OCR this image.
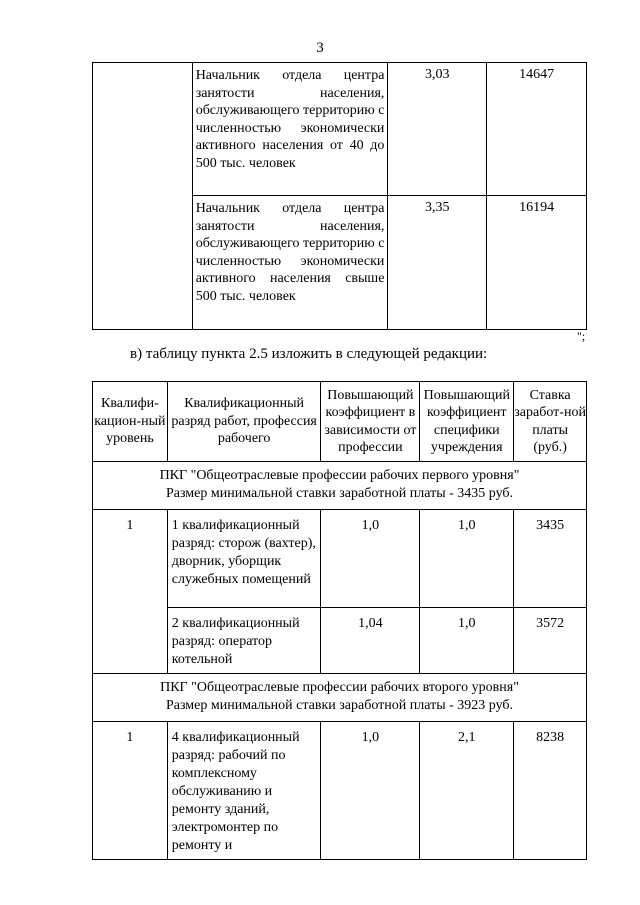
3
	Начальник отдела центра занятости населения, обслуживающего территорию с численностью экономически активного населения от 40 до 500 тыс. человек	3,03	14647
	Начальник отдела центра занятости населения, обслуживающего территорию с численностью экономически активного населения свыше 500 тыс. человек	3,35	16194
";
в) таблицу пункта 2.5 изложить в следующей редакции:
Квалифи-кацион-ный уровень	Квалификационный разряд работ, профессия рабочего	Повышающий коэффициент в зависимости от профессии	Повышающий коэффициент специфики учреждения	Ставка заработ-ной платы (руб.)

ПКГ "Общеотраслевые профессии рабочих первого уровня"
Размер минимальной ставки заработной платы - 3435 руб.				

1	1 квалификационный разряд: сторож (вахтер), дворник, уборщик служебных помещений	1,0	1,0	3435
	2 квалификационный разряд: оператор котельной	1,04	1,0	3572

ПКГ "Общеотраслевые профессии рабочих второго уровня"
Размер минимальной ставки заработной платы - 3923 руб.				

1	4 квалификационный разряд: рабочий по комплексному обслуживанию и ремонту зданий, электромонтер по ремонту и	1,0	2,1	8238
